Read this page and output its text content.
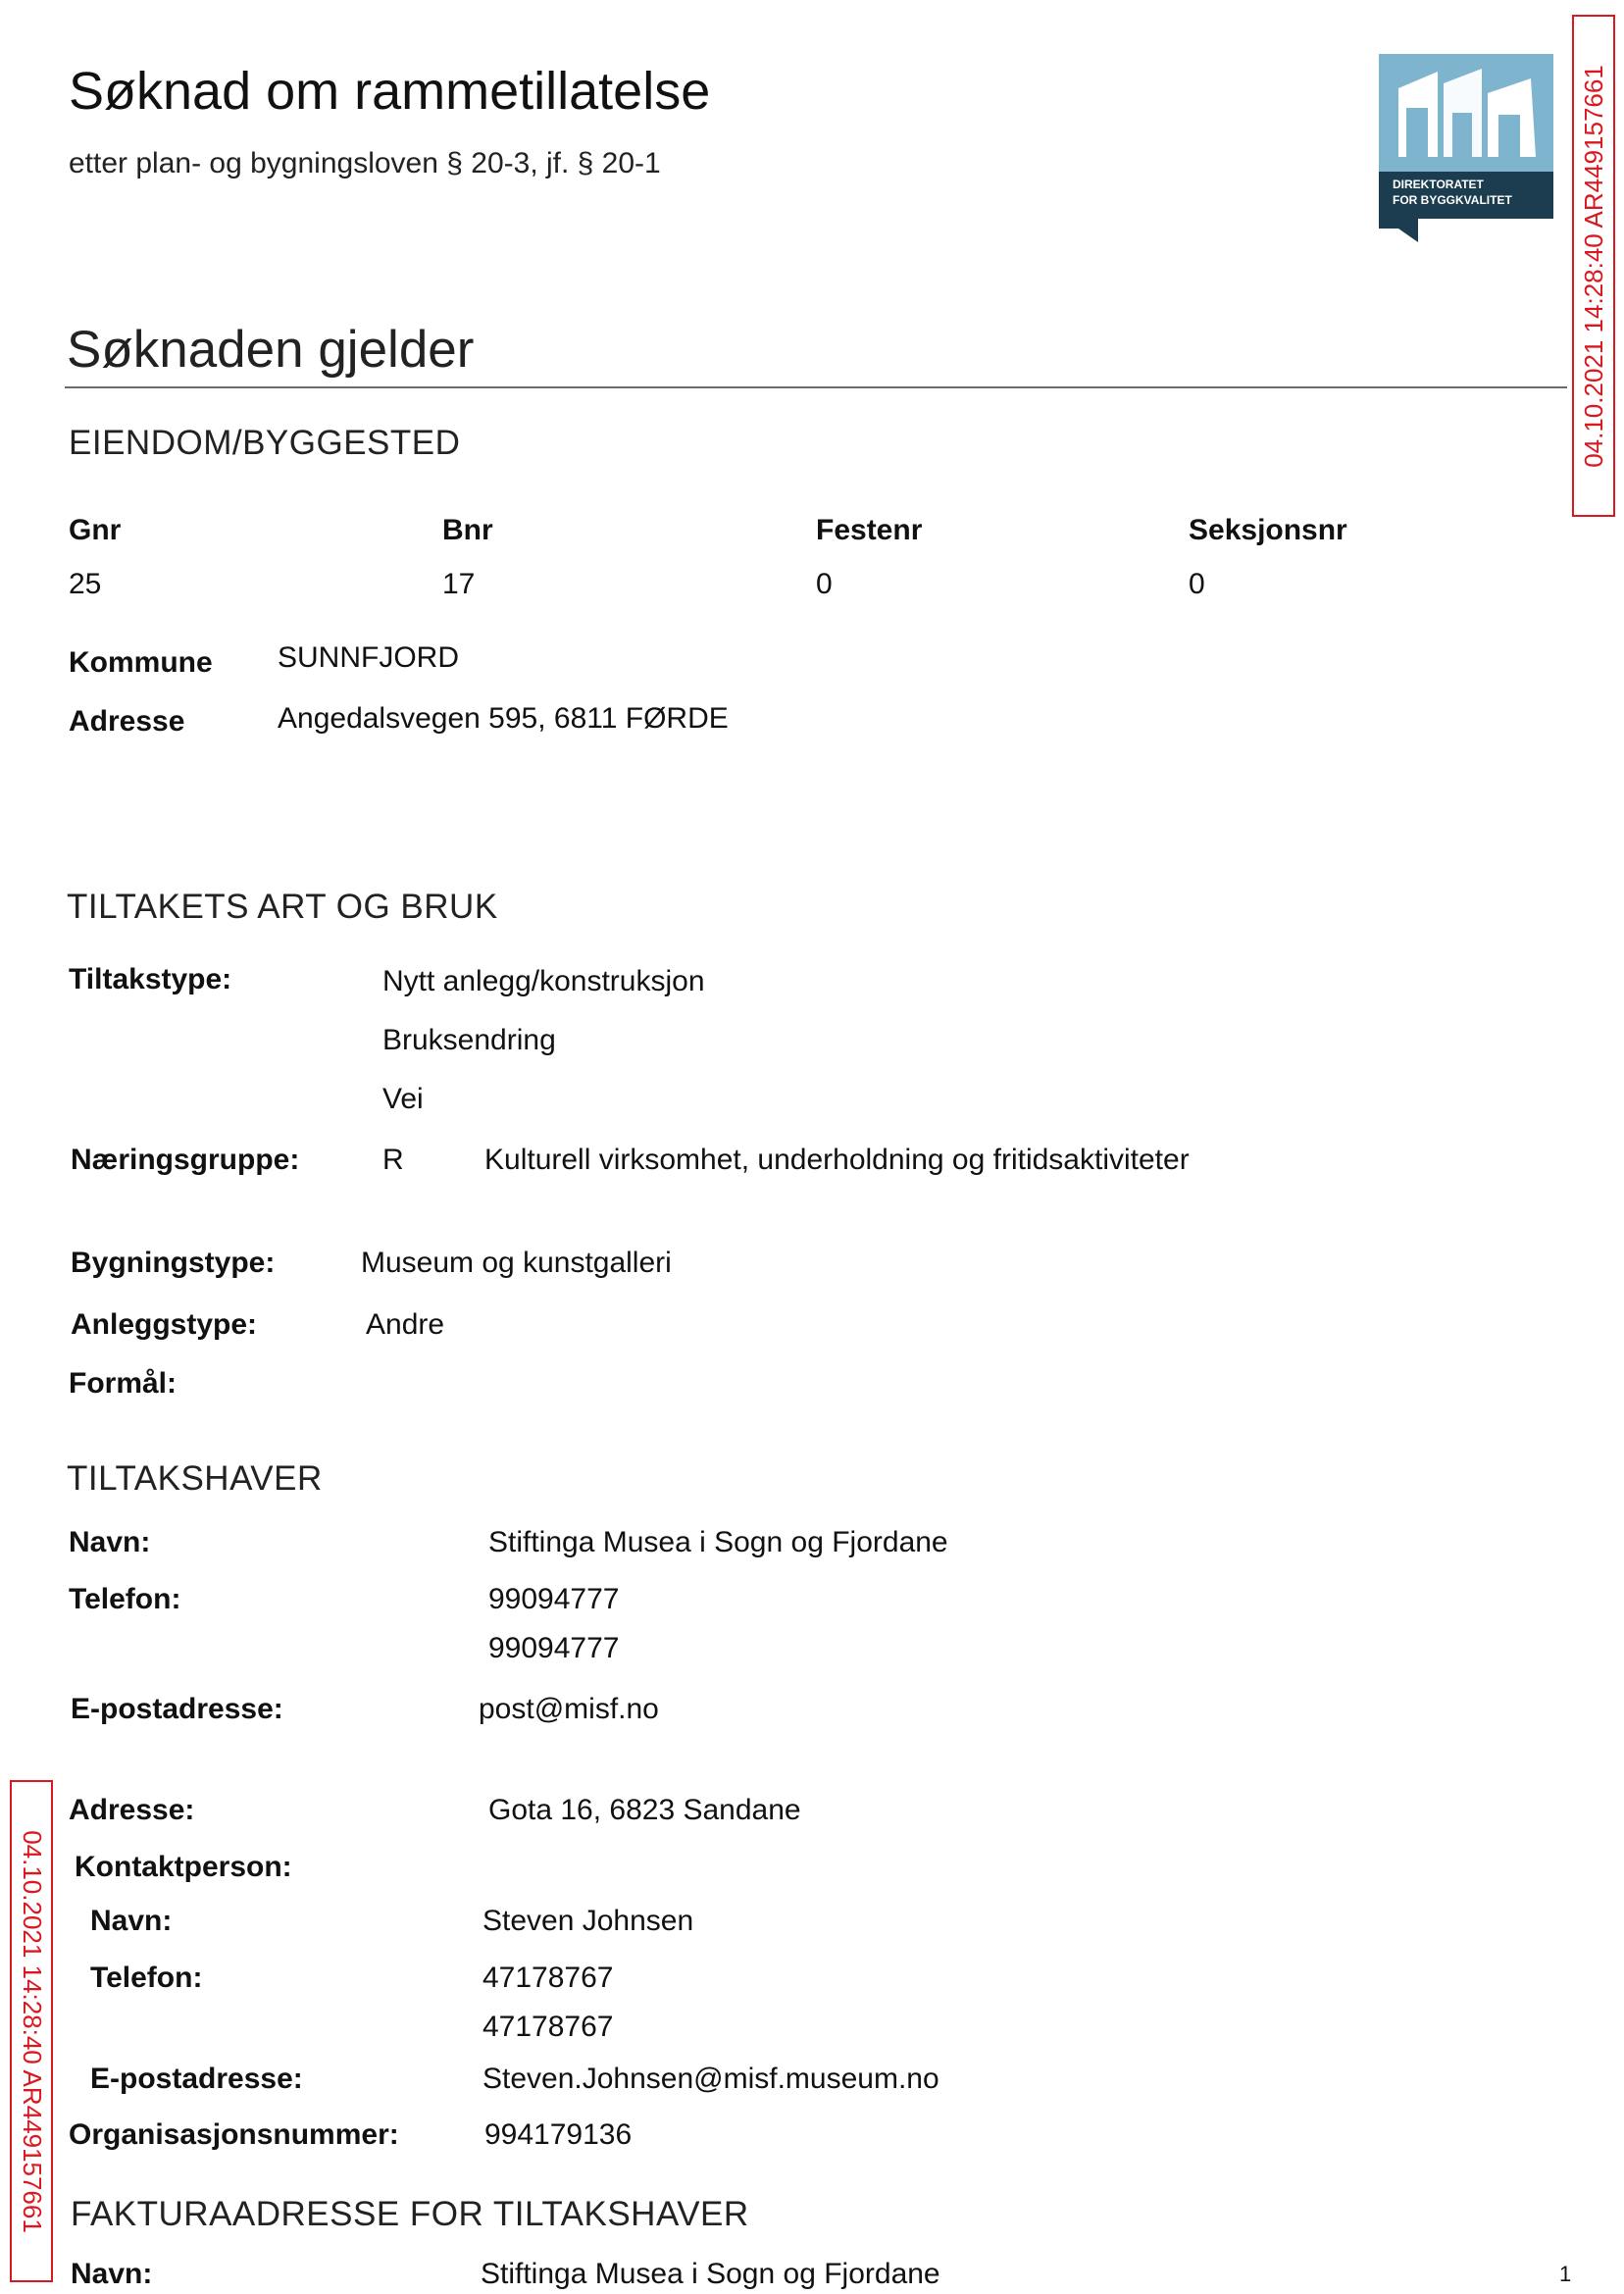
Søknad om rammetillatelse
etter plan- og bygningsloven § 20-3, jf. § 20-1
DIREKTORATET
FOR BYGGKVALITET	04.10.2021 14:28:40 AR449157661
04.10.2021 14:28:40 AR449157661
Søknaden gjelder
EIENDOM/BYGGESTED
Gnr	Bnr	Festenr	Seksjonsnr
25	17	0	0
Kommune SUNNFJORD
Adresse	Angedalsvegen 595, 6811 FØRDE
TILTAKETS ART OG BRUK
Tiltakstype:	Nytt anlegg/konstruksjon
Bruksendring
Vei
Næringsgruppe:	R	Kulturell virksomhet, underholdning og fritidsaktiviteter
Bygningstype:	Museum og kunstgalleri
Anleggstype:	Andre
Formål:
TILTAKSHAVER
Navn:	Stiftinga Musea i Sogn og Fjordane
Telefon:	99094777
99094777
E-postadresse:	post@misf.no
Adresse:	Gota 16, 6823 Sandane
Kontaktperson:
Navn:	Steven Johnsen
Telefon:	47178767
47178767
E-postadresse:	Steven.Johnsen@misf.museum.no
Organisasjonsnummer:	994179136
FAKTURAADRESSE FOR TILTAKSHAVER
Navn:	Stiftinga Musea i Sogn og Fjordane	1
